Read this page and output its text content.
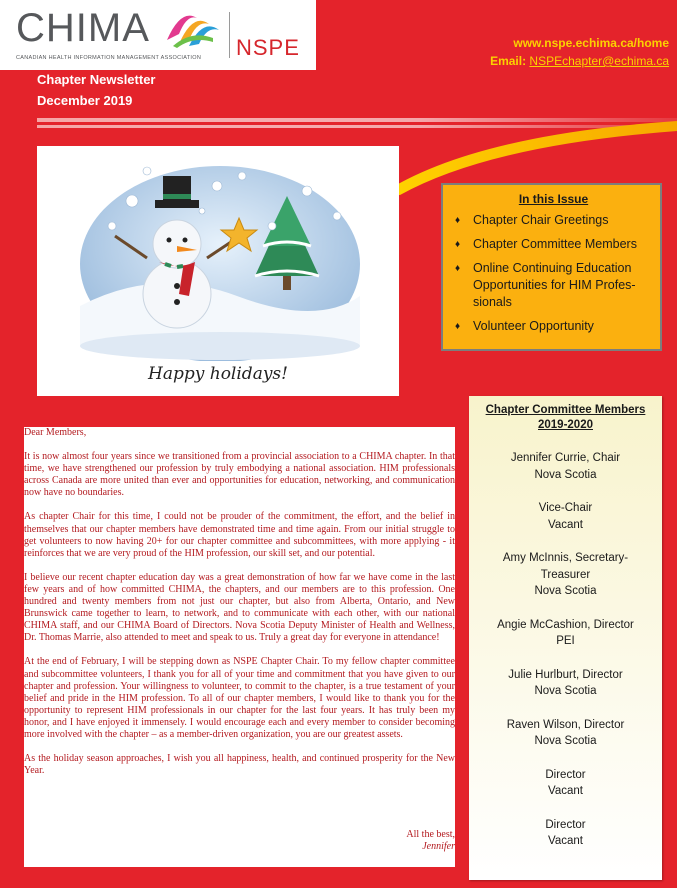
CHIMA
CANADIAN HEALTH INFORMATION MANAGEMENT ASSOCIATION NSPE	www.nspe.echima.ca/home
Email: NSPEchapter@echima.ca
Chapter Newsletter
December 2019
Happy holidays!
In this Issue
♦ Chapter Chair Greetings
♦ Chapter Committee Members
♦ Online Continuing Education Opportunities for HIM Profes-sionals
♦ Volunteer Opportunity
Chapter Committee Members
2019-2020
Jennifer Currie, Chair
Nova Scotia
Vice-Chair
Vacant
Amy McInnis, Secretary-Treasurer
Nova Scotia
Angie McCashion, Director
PEI
Julie Hurlburt, Director
Nova Scotia
Raven Wilson, Director
Nova Scotia
Director
Vacant
Director
Vacant

Dear Members,

It is now almost four years since we transitioned from a provincial association to a CHIMA chapter. In that time, we have strengthened our profession by truly embodying a national association. HIM professionals across Canada are more united than ever and opportunities for education, networking, and communication now have no boundaries.

As chapter Chair for this time, I could not be prouder of the commitment, the effort, and the belief in themselves that our chapter members have demonstrated time and time again. From our initial struggle to get volunteers to now having 20+ for our chapter committee and subcommittees, with more applying - it reinforces that we are very proud of the HIM profession, our skill set, and our potential.

I believe our recent chapter education day was a great demonstration of how far we have come in the last few years and of how committed CHIMA, the chapters, and our members are to this profession. One hundred and twenty members from not just our chapter, but also from Alberta, Ontario, and New Brunswick came together to learn, to network, and to communicate with each other, with our national CHIMA staff, and our CHIMA Board of Directors. Nova Scotia Deputy Minister of Health and Wellness, Dr. Thomas Marrie, also attended to meet and speak to us. Truly a great day for everyone in attendance!

At the end of February, I will be stepping down as NSPE Chapter Chair. To my fellow chapter committee and subcommittee volunteers, I thank you for all of your time and commitment that you have given to our chapter and profession. Your willingness to volunteer, to commit to the chapter, is a true testament of your belief and pride in the HIM profession. To all of our chapter members, I would like to thank you for the opportunity to represent HIM professionals in our chapter for the last four years. It has truly been my honor, and I have enjoyed it immensely. I would encourage each and every member to consider becoming more involved with the chapter – as a member-driven organization, you are our greatest assets.

As the holiday season approaches, I wish you all happiness, health, and continued prosperity for the New Year.

All the best,
Jennifer
